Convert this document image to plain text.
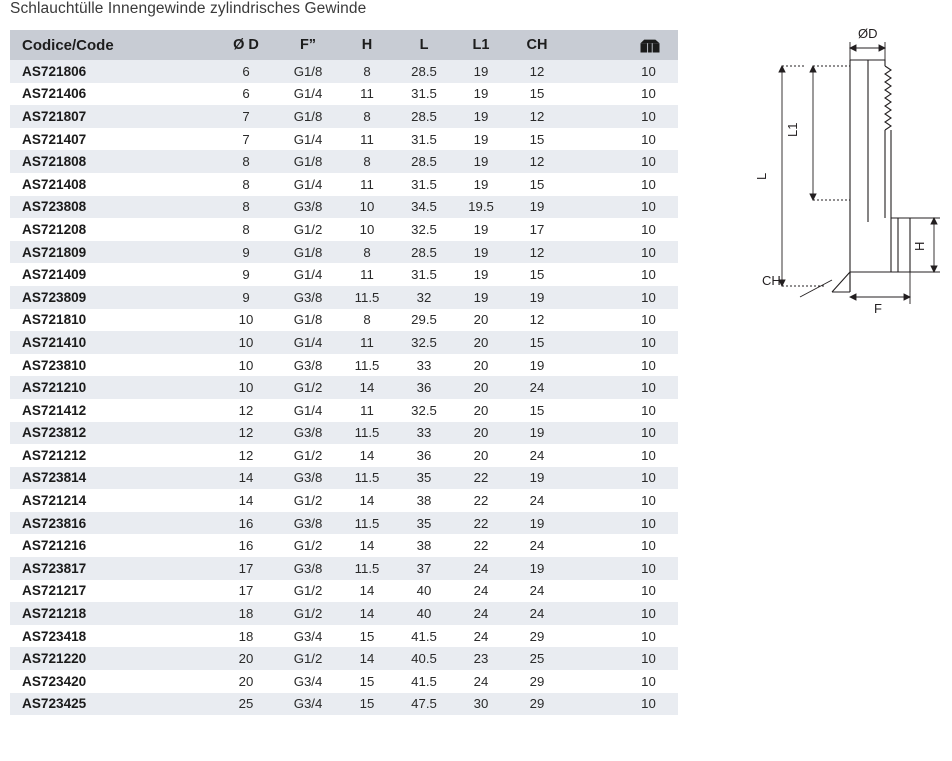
Schlauchtülle Innengewinde zylindrisches Gewinde
Codice/Code	Ø D	F”	H	L	L1	CH		

AS721806	6	G1/8	8	28.5	19	12		10
AS721406	6	G1/4	11	31.5	19	15		10
AS721807	7	G1/8	8	28.5	19	12		10
AS721407	7	G1/4	11	31.5	19	15		10
AS721808	8	G1/8	8	28.5	19	12		10
AS721408	8	G1/4	11	31.5	19	15		10
AS723808	8	G3/8	10	34.5	19.5	19		10
AS721208	8	G1/2	10	32.5	19	17		10
AS721809	9	G1/8	8	28.5	19	12		10
AS721409	9	G1/4	11	31.5	19	15		10
AS723809	9	G3/8	11.5	32	19	19		10
AS721810	10	G1/8	8	29.5	20	12		10
AS721410	10	G1/4	11	32.5	20	15		10
AS723810	10	G3/8	11.5	33	20	19		10
AS721210	10	G1/2	14	36	20	24		10
AS721412	12	G1/4	11	32.5	20	15		10
AS723812	12	G3/8	11.5	33	20	19		10
AS721212	12	G1/2	14	36	20	24		10
AS723814	14	G3/8	11.5	35	22	19		10
AS721214	14	G1/2	14	38	22	24		10
AS723816	16	G3/8	11.5	35	22	19		10
AS721216	16	G1/2	14	38	22	24		10
AS723817	17	G3/8	11.5	37	24	19		10
AS721217	17	G1/2	14	40	24	24		10
AS721218	18	G1/2	14	40	24	24		10
AS723418	18	G3/4	15	41.5	24	29		10
AS721220	20	G1/2	14	40.5	23	25		10
AS723420	20	G3/4	15	41.5	24	29		10
AS723425	25	G3/4	15	47.5	30	29		10
ØD
L1
L
H
CH
F
